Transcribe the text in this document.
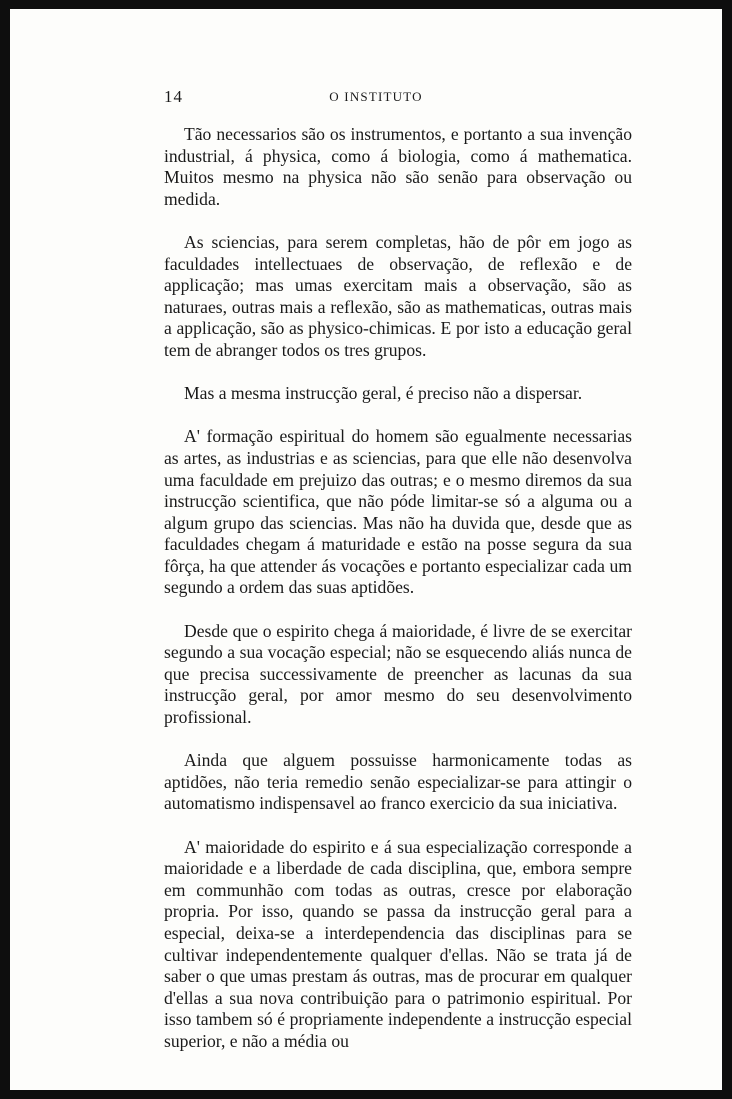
14	O INSTITUTO

Tão necessarios são os instrumentos, e portanto a sua invenção industrial, á physica, como á biologia, como á mathematica. Muitos mesmo na physica não são senão para observação ou medida.

As sciencias, para serem completas, hão de pôr em jogo as faculdades intellectuaes de observação, de reflexão e de applicação; mas umas exercitam mais a observação, são as naturaes, outras mais a reflexão, são as mathematicas, outras mais a applicação, são as physico-chimicas. E por isto a educação geral tem de abranger todos os tres grupos.

Mas a mesma instrucção geral, é preciso não a dispersar.

A' formação espiritual do homem são egualmente necessarias as artes, as industrias e as sciencias, para que elle não desenvolva uma faculdade em prejuizo das outras; e o mesmo diremos da sua instrucção scientifica, que não póde limitar-se só a alguma ou a algum grupo das sciencias. Mas não ha duvida que, desde que as faculdades chegam á maturidade e estão na posse segura da sua fôrça, ha que attender ás vocações e portanto especializar cada um segundo a ordem das suas aptidões.

Desde que o espirito chega á maioridade, é livre de se exercitar segundo a sua vocação especial; não se esquecendo aliás nunca de que precisa successivamente de preencher as lacunas da sua instrucção geral, por amor mesmo do seu desenvolvimento profissional.

Ainda que alguem possuisse harmonicamente todas as aptidões, não teria remedio senão especializar-se para attingir o automatismo indispensavel ao franco exercicio da sua iniciativa.

A' maioridade do espirito e á sua especialização corresponde a maioridade e a liberdade de cada disciplina, que, embora sempre em communhão com todas as outras, cresce por elaboração propria. Por isso, quando se passa da instrucção geral para a especial, deixa-se a interdependencia das disciplinas para se cultivar independentemente qualquer d'ellas. Não se trata já de saber o que umas prestam ás outras, mas de procurar em qualquer d'ellas a sua nova contribuição para o patrimonio espiritual. Por isso tambem só é propriamente independente a instrucção especial superior, e não a média ou
